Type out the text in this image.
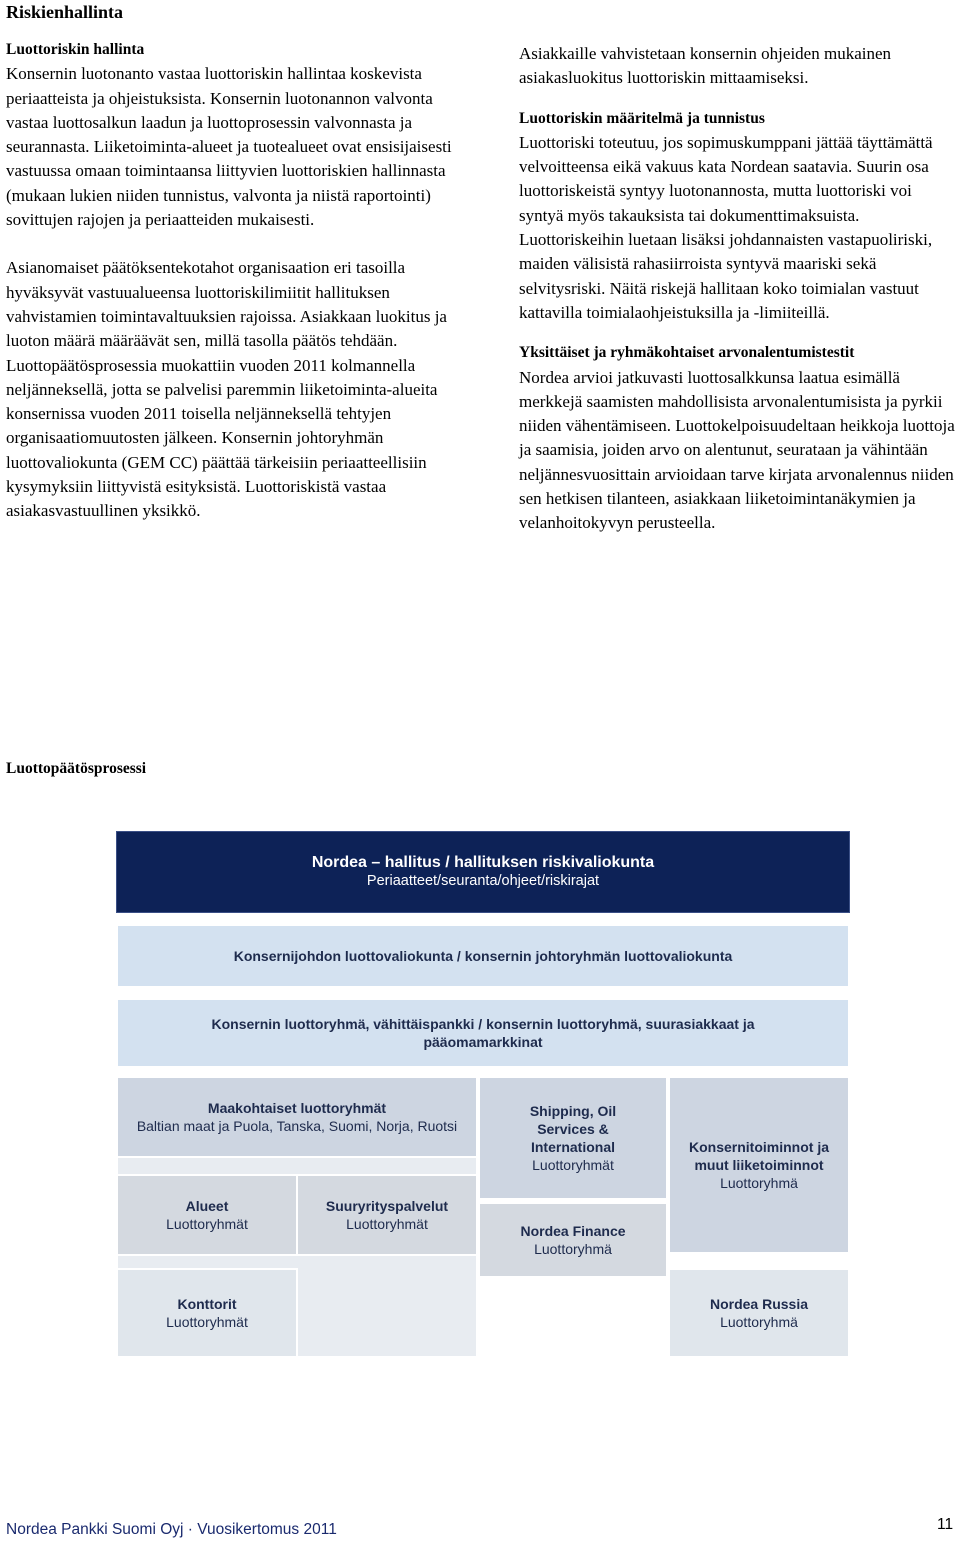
Riskienhallinta

Luottoriskin hallinta

Konsernin luotonanto vastaa luottoriskin hallintaa koskevista periaatteista ja ohjeistuksista. Konsernin luotonannon valvonta vastaa luottosalkun laadun ja luottoprosessin valvonnasta ja seurannasta. Liiketoiminta-alueet ja tuotealueet ovat ensisijaisesti vastuussa omaan toimintaansa liittyvien luottoriskien hallinnasta (mukaan lukien niiden tunnistus, valvonta ja niistä raportointi) sovittujen rajojen ja periaatteiden mukaisesti.

Asianomaiset päätöksentekotahot organisaation eri tasoilla hyväksyvät vastuualueensa luottoriskilimiitit hallituksen vahvistamien toimintavaltuuksien rajoissa. Asiakkaan luokitus ja luoton määrä määräävät sen, millä tasolla päätös tehdään. Luottopäätösprosessia muokattiin vuoden 2011 kolmannella neljänneksellä, jotta se palvelisi paremmin liiketoiminta-alueita konsernissa vuoden 2011 toisella neljänneksellä tehtyjen organisaatiomuutosten jälkeen. Konsernin johtoryhmän luottovaliokunta (GEM CC) päättää tärkeisiin periaatteellisiin kysymyksiin liittyvistä esityksistä. Luottoriskistä vastaa asiakasvastuullinen yksikkö.

Asiakkaille vahvistetaan konsernin ohjeiden mukainen asiakasluokitus luottoriskin mittaamiseksi.

Luottoriskin määritelmä ja tunnistus

Luottoriski toteutuu, jos sopimuskumppani jättää täyttämättä velvoitteensa eikä vakuus kata Nordean saatavia. Suurin osa luottoriskeistä syntyy luotonannosta, mutta luottoriski voi syntyä myös takauksista tai dokumenttimaksuista. Luottoriskeihin luetaan lisäksi johdannaisten vastapuoliriski, maiden välisistä rahasiirroista syntyvä maariski sekä selvitysriski. Näitä riskejä hallitaan koko toimialan vastuut kattavilla toimialaohjeistuksilla ja -limiiteillä.

Yksittäiset ja ryhmäkohtaiset arvonalentumistestit

Nordea arvioi jatkuvasti luottosalkkunsa laatua esimällä merkkejä saamisten mahdollisista arvonalentumisista ja pyrkii niiden vähentämiseen. Luottokelpoisuudeltaan heikkoja luottoja ja saamisia, joiden arvo on alentunut, seurataan ja vähintään neljännesvuosittain arvioidaan tarve kirjata arvonalennus niiden sen hetkisen tilanteen, asiakkaan liiketoimintanäkymien ja velanhoitokyvyn perusteella.

Luottopäätösprosessi
Nordea – hallitus / hallituksen riskivaliokunta
Periaatteet/seuranta/ohjeet/riskirajat
Konsernijohdon luottovaliokunta / konsernin johtoryhmän luottovaliokunta
Konsernin luottoryhmä, vähittäispankki / konsernin luottoryhmä, suurasiakkaat ja pääomamarkkinat
Maakohtaiset luottoryhmät
Baltian maat ja Puola, Tanska, Suomi, Norja, Ruotsi
Alueet
Luottoryhmät
Suuryrityspalvelut
Luottoryhmät
Konttorit
Luottoryhmät
Shipping, Oil Services & International
Luottoryhmät
Nordea Finance
Luottoryhmä
Konsernitoiminnot ja muut liiketoiminnot
Luottoryhmä
Nordea Russia
Luottoryhmä
Nordea Pankki Suomi Oyj · Vuosikertomus 2011	11
